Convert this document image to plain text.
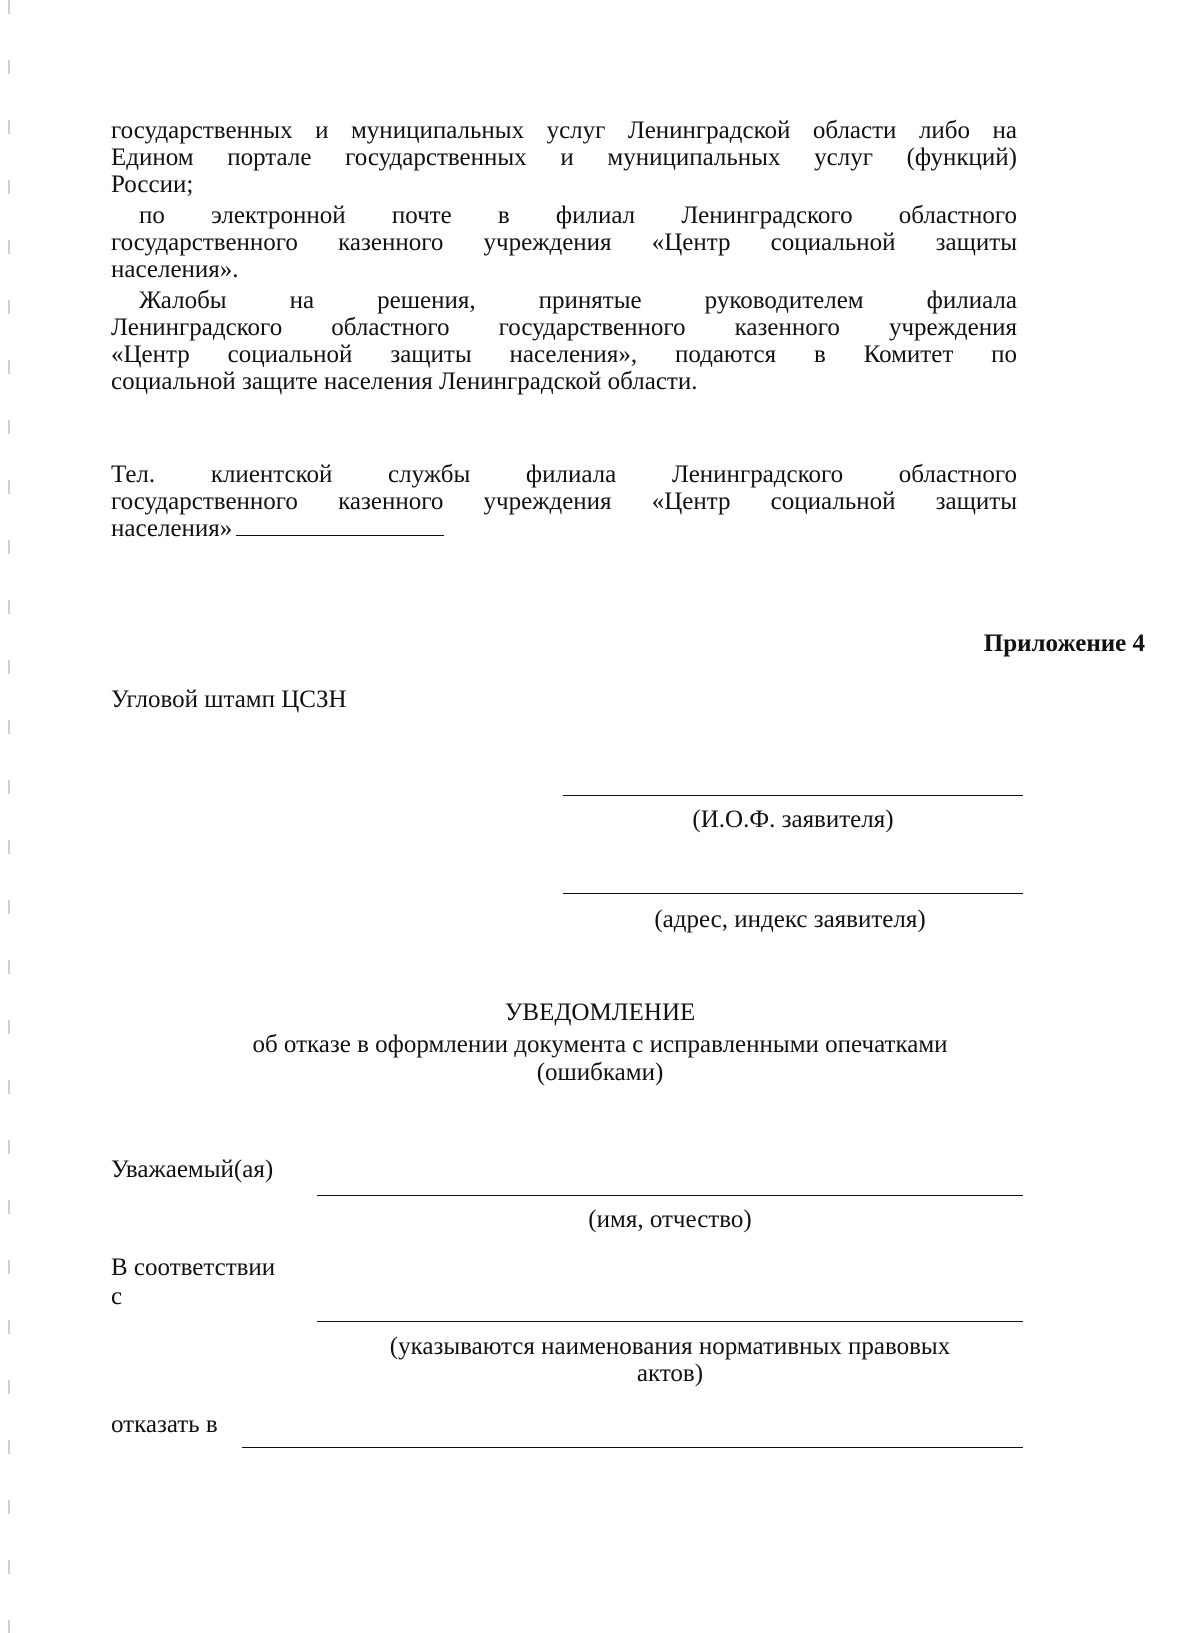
государственных и муниципальных услуг Ленинградской области либо на
Едином портале государственных и муниципальных услуг (функций)
России;
по электронной почте в филиал Ленинградского областного
государственного казенного учреждения «Центр социальной защиты
населения».
Жалобы на решения, принятые руководителем филиала
Ленинградского областного государственного казенного учреждения
«Центр социальной защиты населения», подаются в Комитет по
социальной защите населения Ленинградской области.
Тел. клиентской службы филиала Ленинградского областного
государственного казенного учреждения «Центр социальной защиты
населения»
Приложение 4
Угловой штамп ЦСЗН
(И.О.Ф. заявителя)
(адрес, индекс заявителя)
УВЕДОМЛЕНИЕ
об отказе в оформлении документа с исправленными опечатками
(ошибками)
Уважаемый(ая)
(имя, отчество)
В соответствии
с
(указываются наименования нормативных правовых
актов)
отказать в
